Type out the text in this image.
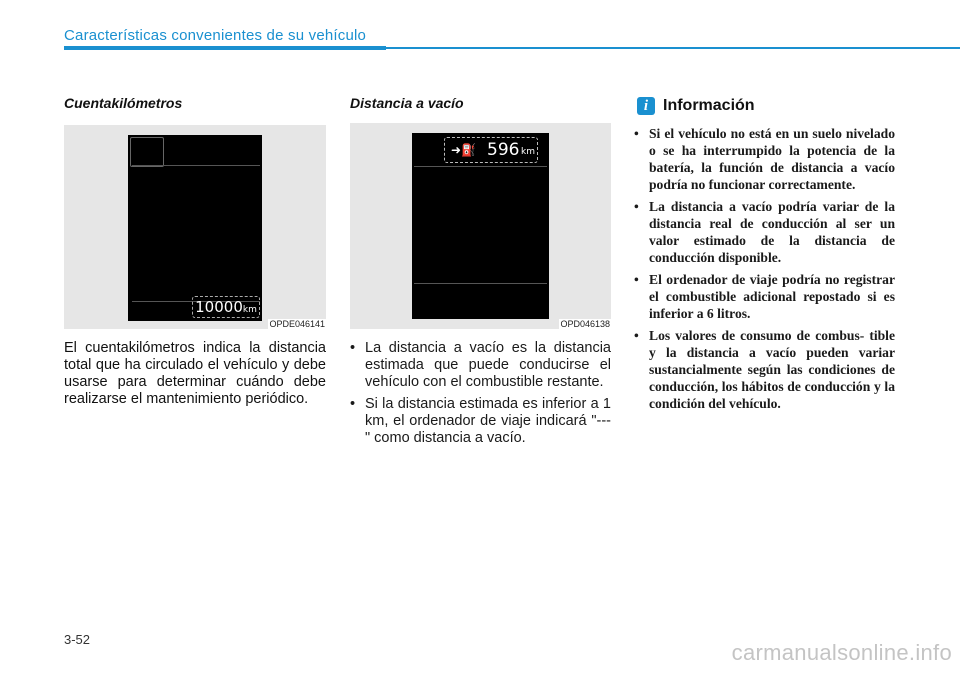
Características convenientes de su vehículo
Cuentakilómetros
10000km
OPDE046141
El cuentakilómetros indica la distancia total que ha circulado el vehículo y debe usarse para determinar cuándo debe realizarse el mantenimiento periódico.
Distancia a vacío
➜⛽ 596 km
OPD046138
• La distancia a vacío es la distancia estimada que puede conducirse el vehículo con el combustible restante.
• Si la distancia estimada es inferior a 1 km, el ordenador de viaje indicará "---" como distancia a vacío.
i Información
• Si el vehículo no está en un suelo nivelado o se ha interrumpido la potencia de la batería, la función de distancia a vacío podría no funcionar correctamente.
• La distancia a vacío podría variar de la distancia real de conducción al ser un valor estimado de la distancia de conducción disponible.
• El ordenador de viaje podría no registrar el combustible adicional repostado si es inferior a 6 litros.
• Los valores de consumo de combus- tible y la distancia a vacío pueden variar sustancialmente según las condiciones de conducción, los hábitos de conducción y la condición del vehículo.
3-52
carmanualsonline.info
